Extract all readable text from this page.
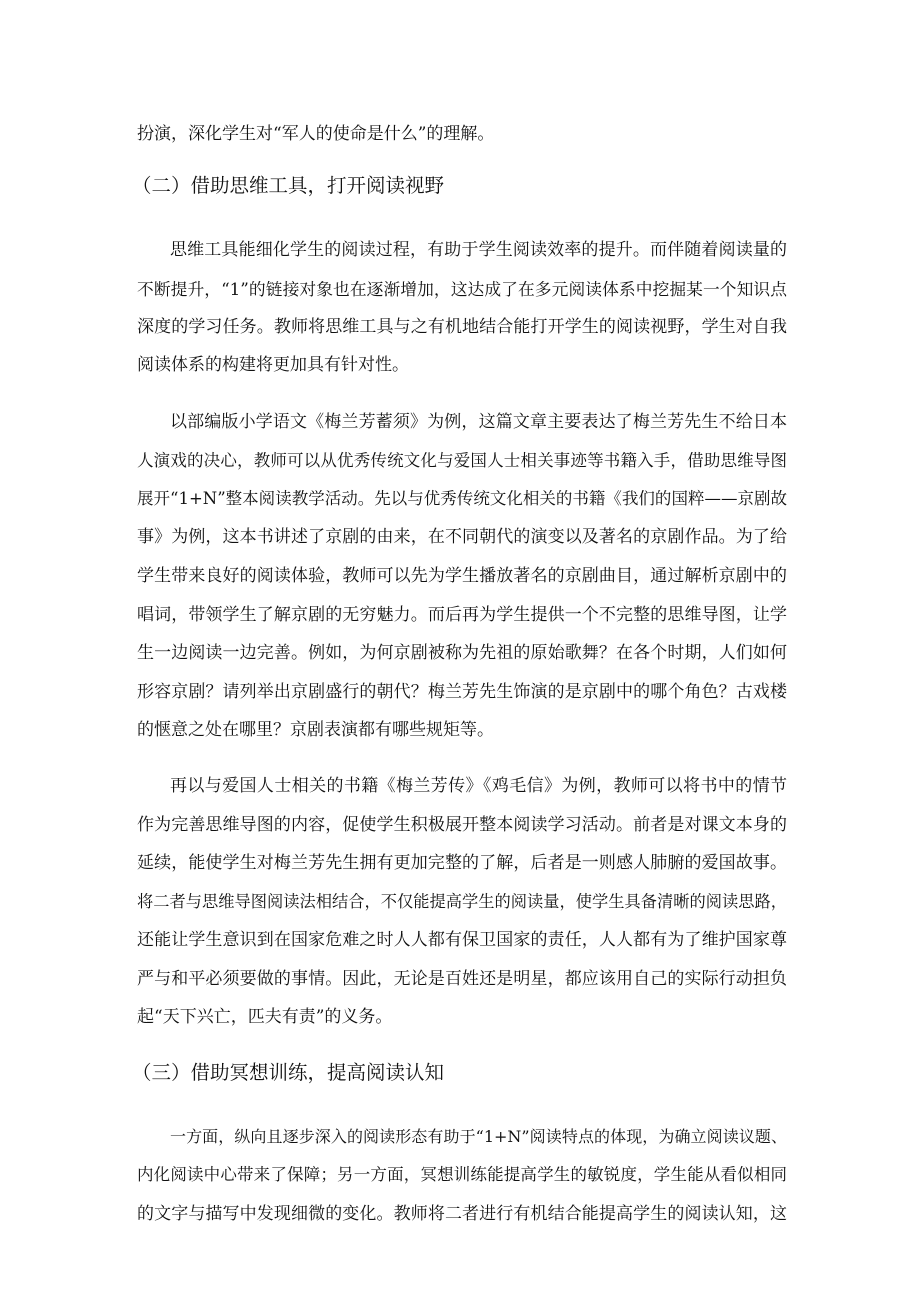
扮演，深化学生对“军人的使命是什么”的理解。
（二）借助思维工具，打开阅读视野
思维工具能细化学生的阅读过程，有助于学生阅读效率的提升。而伴随着阅读量的
不断提升，“1”的链接对象也在逐渐增加，这达成了在多元阅读体系中挖掘某一个知识点
深度的学习任务。教师将思维工具与之有机地结合能打开学生的阅读视野，学生对自我
阅读体系的构建将更加具有针对性。
以部编版小学语文《梅兰芳蓄须》为例，这篇文章主要表达了梅兰芳先生不给日本
人演戏的决心，教师可以从优秀传统文化与爱国人士相关事迹等书籍入手，借助思维导图
展开“1+N”整本阅读教学活动。先以与优秀传统文化相关的书籍《我们的国粹——京剧故
事》为例，这本书讲述了京剧的由来，在不同朝代的演变以及著名的京剧作品。为了给
学生带来良好的阅读体验，教师可以先为学生播放著名的京剧曲目，通过解析京剧中的
唱词，带领学生了解京剧的无穷魅力。而后再为学生提供一个不完整的思维导图，让学
生一边阅读一边完善。例如，为何京剧被称为先祖的原始歌舞？在各个时期，人们如何
形容京剧？请列举出京剧盛行的朝代？梅兰芳先生饰演的是京剧中的哪个角色？古戏楼
的惬意之处在哪里？京剧表演都有哪些规矩等。
再以与爱国人士相关的书籍《梅兰芳传》《鸡毛信》为例，教师可以将书中的情节
作为完善思维导图的内容，促使学生积极展开整本阅读学习活动。前者是对课文本身的
延续，能使学生对梅兰芳先生拥有更加完整的了解，后者是一则感人肺腑的爱国故事。
将二者与思维导图阅读法相结合，不仅能提高学生的阅读量，使学生具备清晰的阅读思路，
还能让学生意识到在国家危难之时人人都有保卫国家的责任，人人都有为了维护国家尊
严与和平必须要做的事情。因此，无论是百姓还是明星，都应该用自己的实际行动担负
起“天下兴亡，匹夫有责”的义务。
（三）借助冥想训练，提高阅读认知
一方面，纵向且逐步深入的阅读形态有助于“1+N”阅读特点的体现，为确立阅读议题、
内化阅读中心带来了保障；另一方面，冥想训练能提高学生的敏锐度，学生能从看似相同
的文字与描写中发现细微的变化。教师将二者进行有机结合能提高学生的阅读认知，这
